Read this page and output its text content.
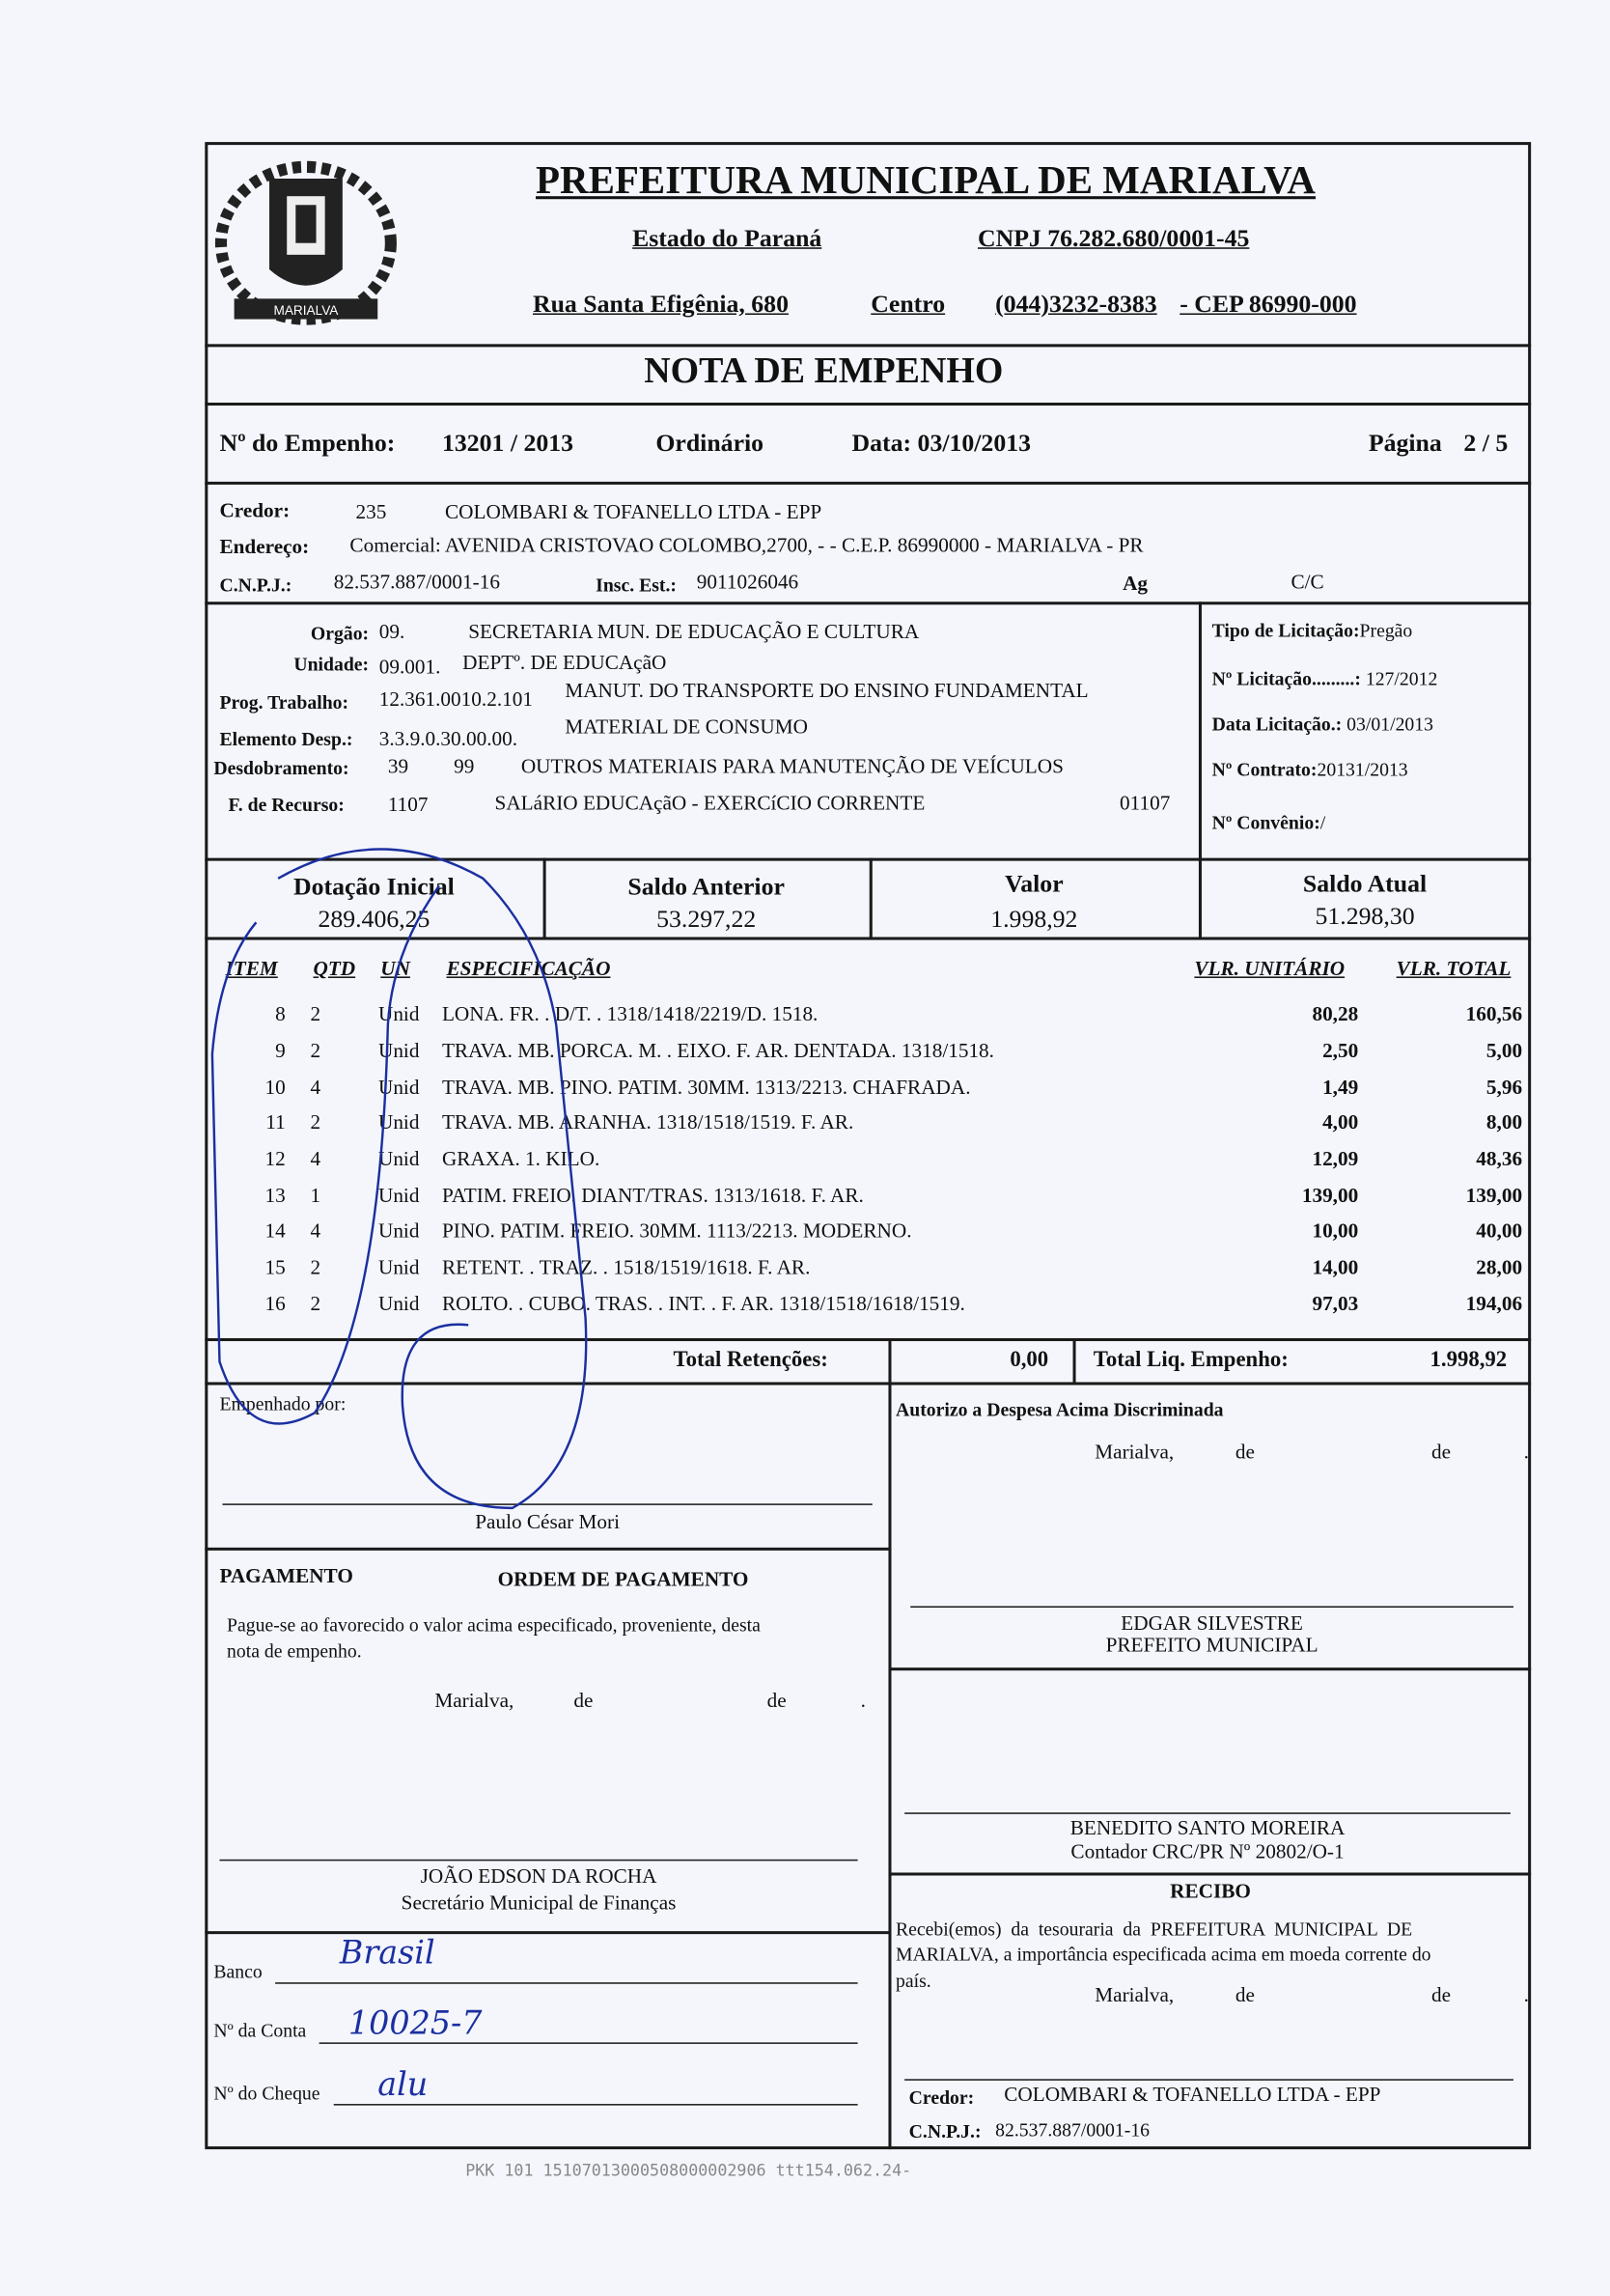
MARIALVA
PREFEITURA MUNICIPAL DE MARIALVA
Estado do Paraná	CNPJ 76.282.680/0001-45
Rua Santa Efigênia, 680	Centro	(044)3232-8383 - CEP 86990-000
NOTA DE EMPENHO
Nº do Empenho:	13201 / 2013	Ordinário	Data: 03/10/2013	Página 2 / 5
Credor:	235	COLOMBARI & TOFANELLO LTDA - EPP
Endereço:	Comercial: AVENIDA CRISTOVAO COLOMBO,2700, - - C.E.P. 86990000 - MARIALVA - PR
C.N.P.J.:	82.537.887/0001-16	Insc. Est.: 9011026046	Ag	C/C
Orgão: 09.	SECRETARIA MUN. DE EDUCAÇÃO E CULTURA
Unidade: 09.001. DEPTº. DE EDUCAçãO
Prog. Trabalho: 12.361.0010.2.101 MANUT. DO TRANSPORTE DO ENSINO FUNDAMENTAL
Elemento Desp.: 3.3.9.0.30.00.00.
MATERIAL DE CONSUMO
Desdobramento:	39	99	OUTROS MATERIAIS PARA MANUTENÇÃO DE VEÍCULOS
F. de Recurso:	1107	SALáRIO EDUCAçãO - EXERCíCIO CORRENTE	01107
Tipo de Licitação:Pregão
Nº Licitação.........: 127/2012
Data Licitação.: 03/01/2013
Nº Contrato:20131/2013
Nº Convênio:/
Dotação Inicial
289.406,25
Saldo Anterior
53.297,22
Valor
1.998,92
Saldo Atual
51.298,30
ITEM	QTD UN	ESPECIFICAÇÃO	VLR. UNITÁRIO	VLR. TOTAL
8	2	Unid	LONA. FR. . D/T. . 1318/1418/2219/D. 1518.	80,28	160,56
9	2	Unid	TRAVA. MB. PORCA. M. . EIXO. F. AR. DENTADA. 1318/1518.	2,50	5,00
10	4	Unid	TRAVA. MB. PINO. PATIM. 30MM. 1313/2213. CHAFRADA.	1,49	5,96
11	2	Unid	TRAVA. MB. ARANHA. 1318/1518/1519. F. AR.	4,00	8,00
12	4	Unid	GRAXA. 1. KILO.	12,09	48,36
13	1	Unid	PATIM. FREIO. DIANT/TRAS. 1313/1618. F. AR.	139,00	139,00
14	4	Unid	PINO. PATIM. FREIO. 30MM. 1113/2213. MODERNO.	10,00	40,00
15	2	Unid	RETENT. . TRAZ. . 1518/1519/1618. F. AR.	14,00	28,00
16	2	Unid	ROLTO. . CUBO. TRAS. . INT. . F. AR. 1318/1518/1618/1519.	97,03	194,06
Total Retenções:	0,00	Total Liq. Empenho:	1.998,92
Empenhado por:
Paulo César Mori
PAGAMENTO	ORDEM DE PAGAMENTO
Pague-se ao favorecido o valor acima especificado, proveniente, desta
nota de empenho.
Marialva,	de	de	.
JOÃO EDSON DA ROCHA
Secretário Municipal de Finanças
Banco	Brasil
Nº da Conta 10025-7
Nº do Cheque	alu
Autorizo a Despesa Acima Discriminada
Marialva,	de	de	.
EDGAR SILVESTRE
PREFEITO MUNICIPAL
BENEDITO SANTO MOREIRA
Contador CRC/PR Nº 20802/O-1
RECIBO
Recebi(emos)  da  tesouraria  da  PREFEITURA  MUNICIPAL  DE
MARIALVA, a importância especificada acima em moeda corrente do
país.
Marialva,	de	de	.
Credor: COLOMBARI & TOFANELLO LTDA - EPP
C.N.P.J.: 82.537.887/0001-16
PKK 101 15107013000508000002906 ttt154.062.24-
